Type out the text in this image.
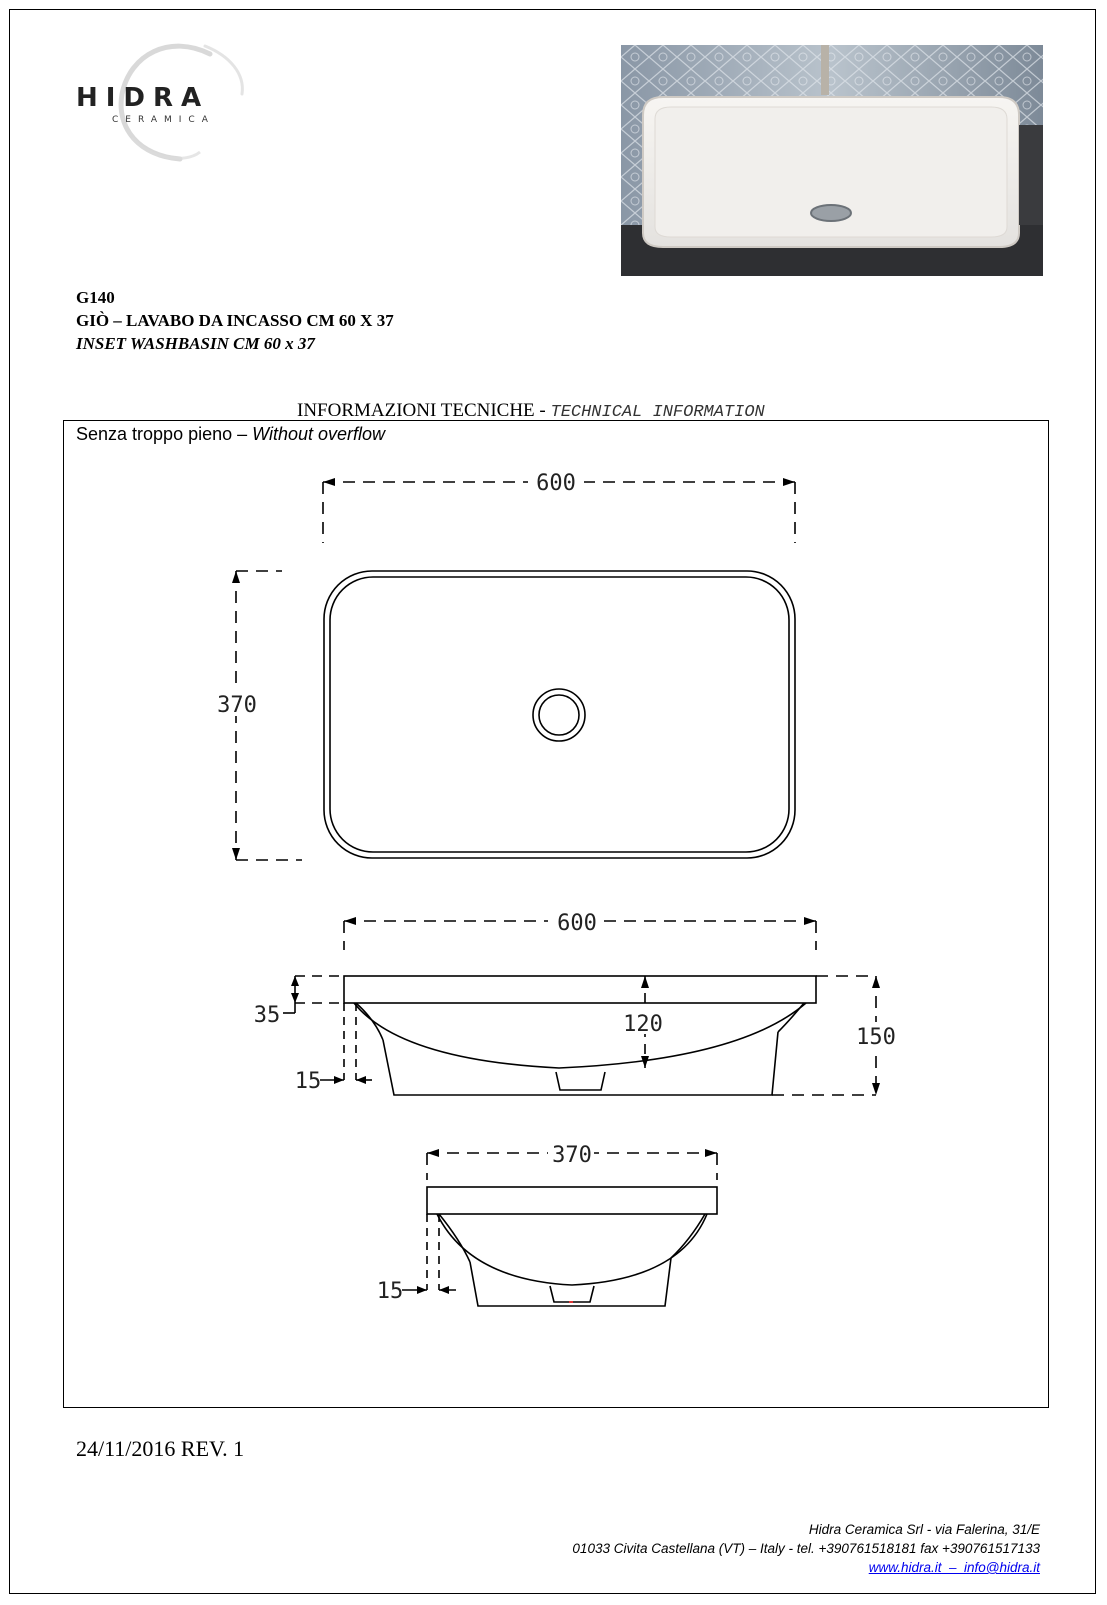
HIDRA
CERAMICA
G140
GIÒ – LAVABO DA INCASSO CM 60 X 37
INSET WASHBASIN CM 60 x 37
INFORMAZIONI TECNICHE - TECHNICAL INFORMATION
Senza troppo pieno – Without overflow
600
370
600
35	120
150
15
370
15
24/11/2016 REV. 1
Hidra Ceramica Srl - via Falerina, 31/E
01033 Civita Castellana (VT) – Italy - tel. +390761518181 fax +390761517133
www.hidra.it  –  info@hidra.it
